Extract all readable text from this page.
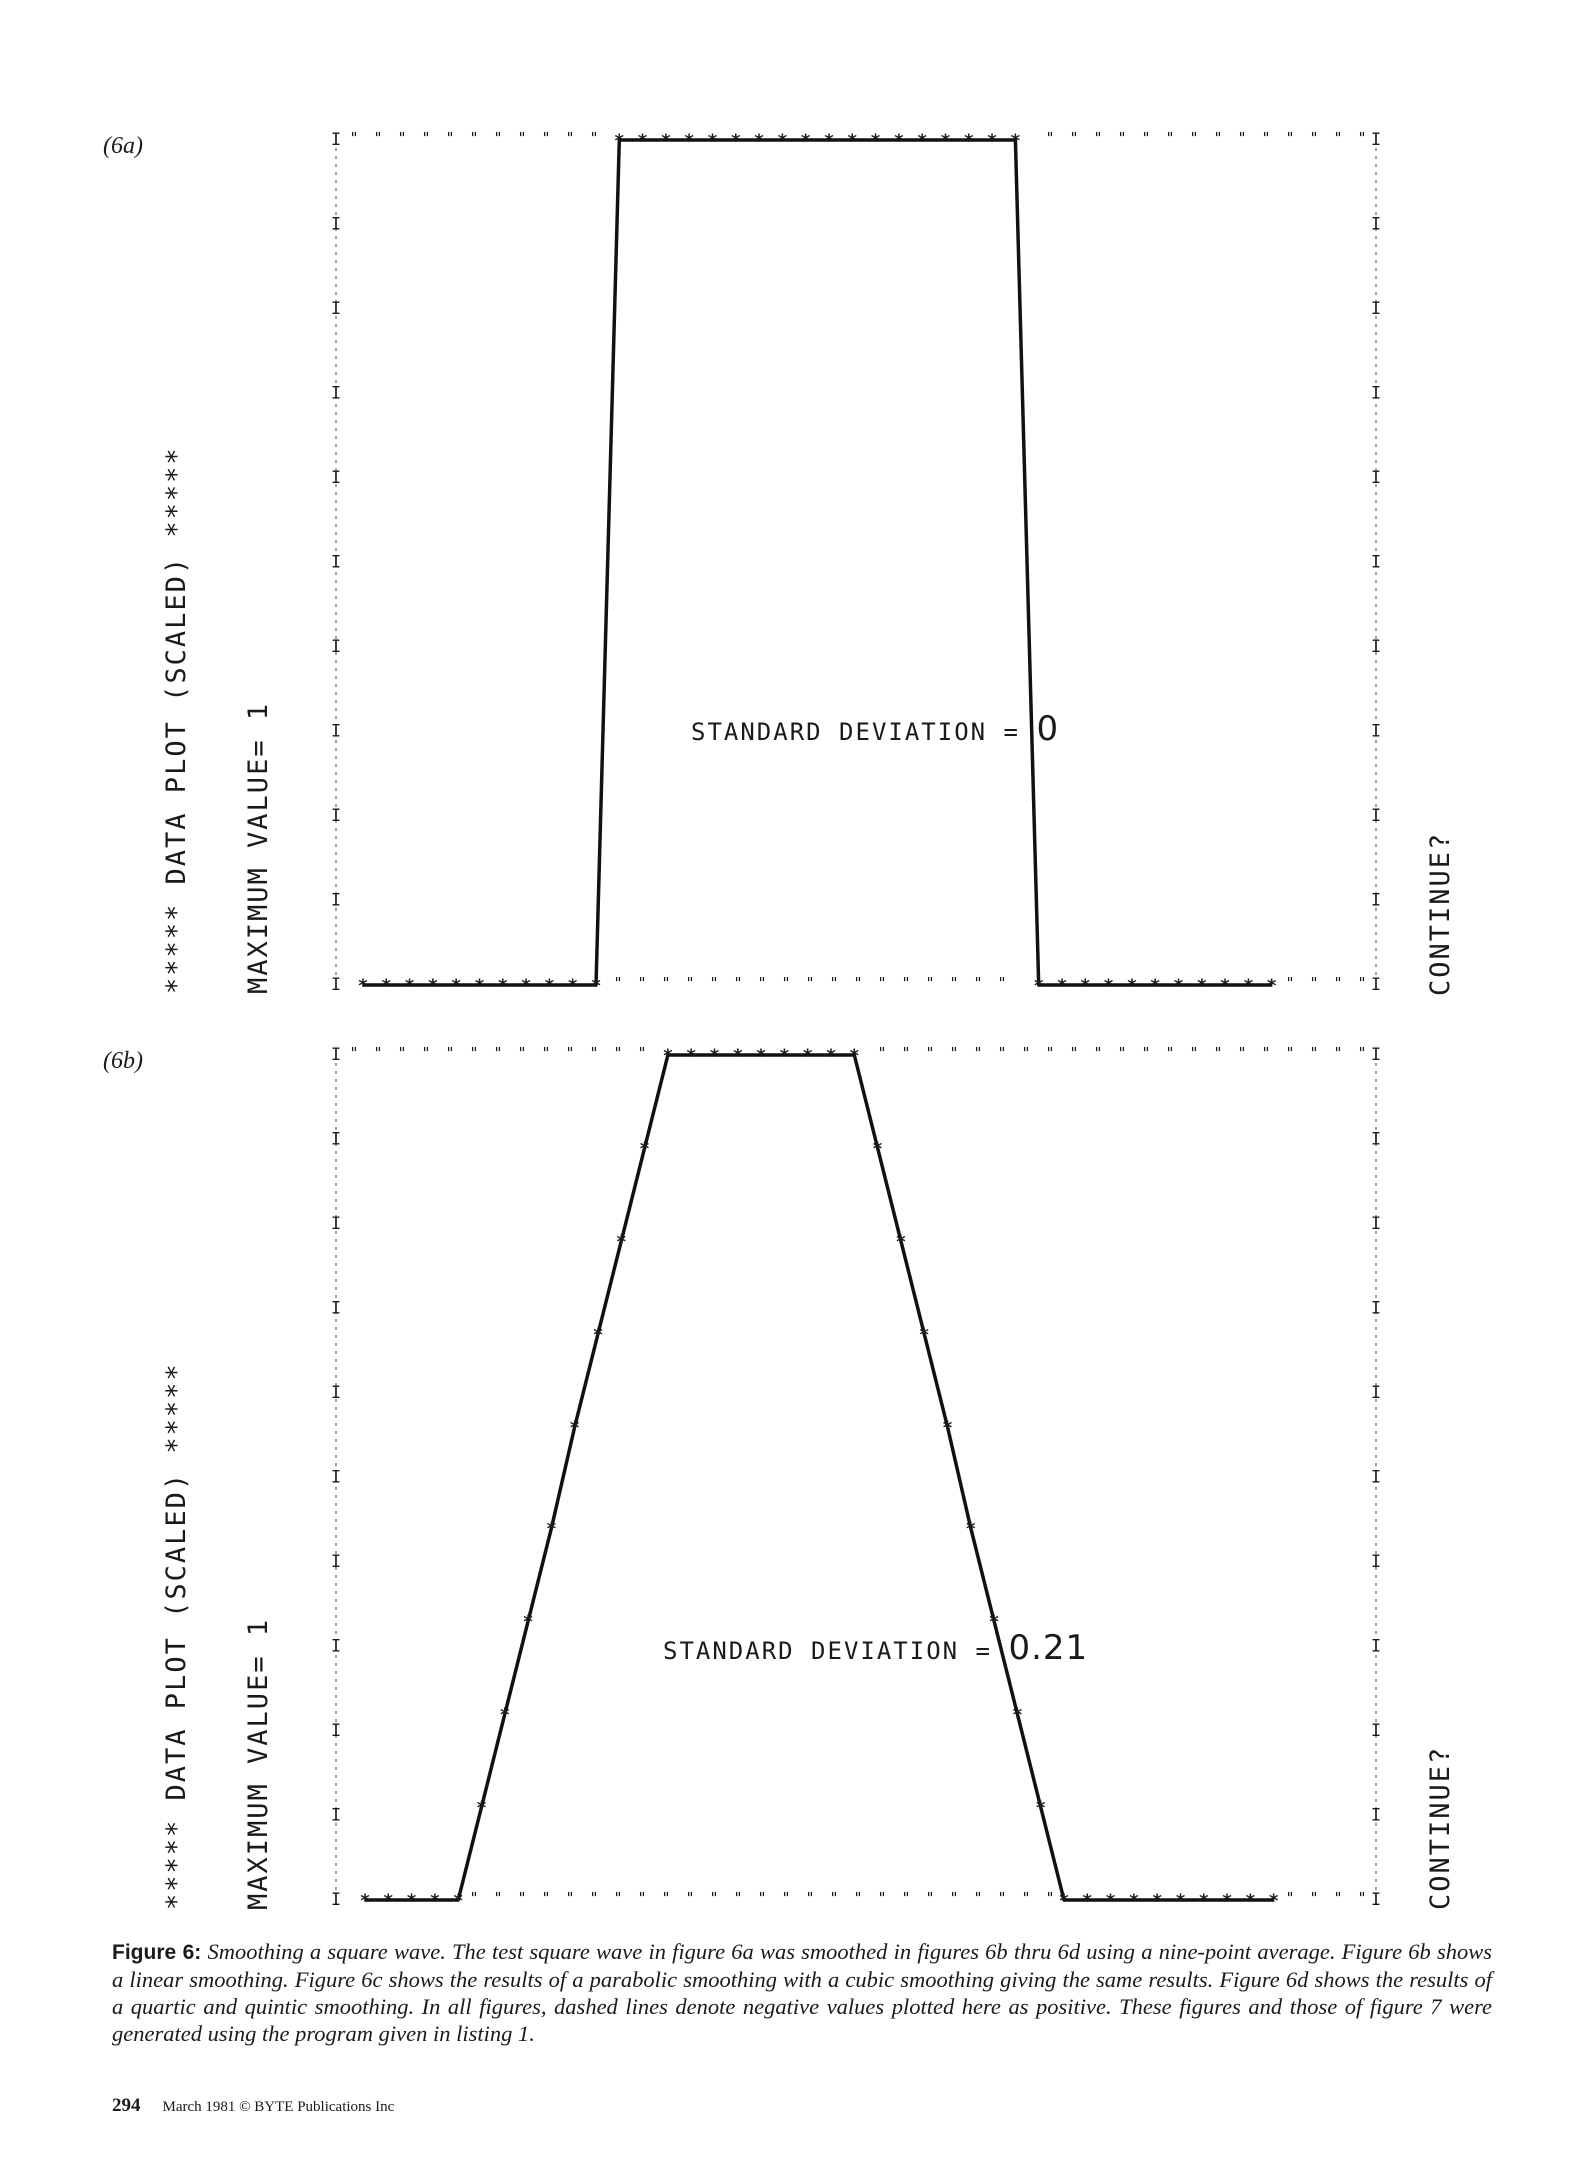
I
I
I
I
I
I
I
I
I
I
I
I
I
I
I
I
I
I
I
I
I
I
" " " " " " " " " " "	" " " " " " " " " " " " " "
" " " " " " " " " " " " " " " " "	" " " "
* * * * * * * * * * *
* * * * * * * * * * * * * * * * * *
* * * * * * * * * * *
I
I
I
I
I
I
I
I
I
I
I
I
I
I
I
I
I
I
I
I
I
I
" " " " " " " " " " " " "	" " " " " " " " " " " " " " " " " " " " "
" " " " " " " " " " " " " " " " " " " " " " " " "	" " " "
* * * * *
*
*
*
*
*
*
*
*
* * * * * * * * *
*
*
*
*
*
*
*
*
* * * * * * * * * *
(6a)
***** DATA PLOT (SCALED) ***** MAXIMUM VALUE= 1	CONTINUE?
STANDARD DEVIATION = 0
(6b)
***** DATA PLOT (SCALED) ***** MAXIMUM VALUE= 1	CONTINUE?
STANDARD DEVIATION = 0.21
Figure 6: Smoothing a square wave. The test square wave in figure 6a was smoothed in figures 6b thru 6d using a nine-point average. Figure 6b shows a linear smoothing. Figure 6c shows the results of a parabolic smoothing with a cubic smoothing giving the same results. Figure 6d shows the results of a quartic and quintic smoothing. In all figures, dashed lines denote negative values plotted here as positive. These figures and those of figure 7 were generated using the program given in listing 1.
294 March 1981 © BYTE Publications Inc
